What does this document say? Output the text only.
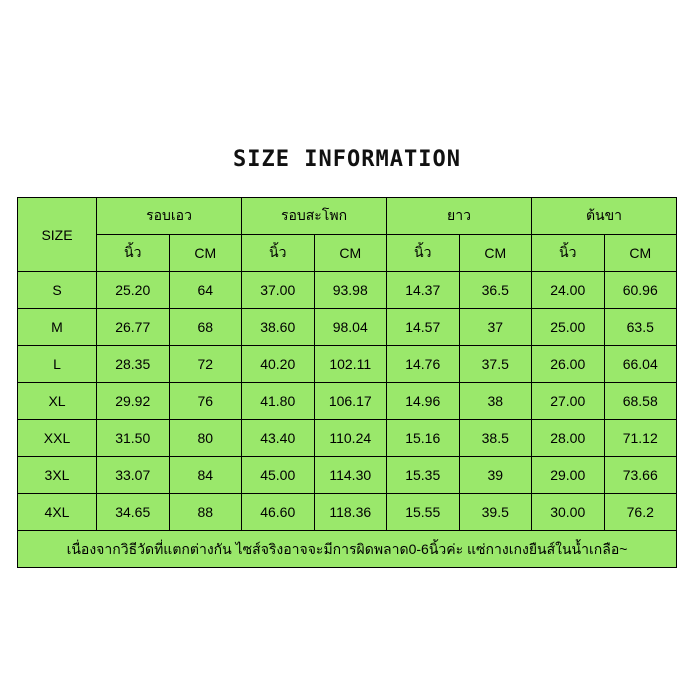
SIZE INFORMATION
SIZE	รอบเอว		รอบสะโพก		ยาว		ต้นขา	
	นิ้ว	CM	นิ้ว	CM	นิ้ว	CM	นิ้ว	CM
S	25.20	64	37.00	93.98	14.37	36.5	24.00	60.96
M	26.77	68	38.60	98.04	14.57	37	25.00	63.5
L	28.35	72	40.20	102.11	14.76	37.5	26.00	66.04
XL	29.92	76	41.80	106.17	14.96	38	27.00	68.58
XXL	31.50	80	43.40	110.24	15.16	38.5	28.00	71.12
3XL	33.07	84	45.00	114.30	15.35	39	29.00	73.66
4XL	34.65	88	46.60	118.36	15.55	39.5	30.00	76.2

เนื่องจากวิธีวัดที่แตกต่างกัน ไซส์จริงอาจจะมีการผิดพลาด0-6นิ้วค่ะ แซ่กางเกงยืนส์ในน้ำเกลือ~								
